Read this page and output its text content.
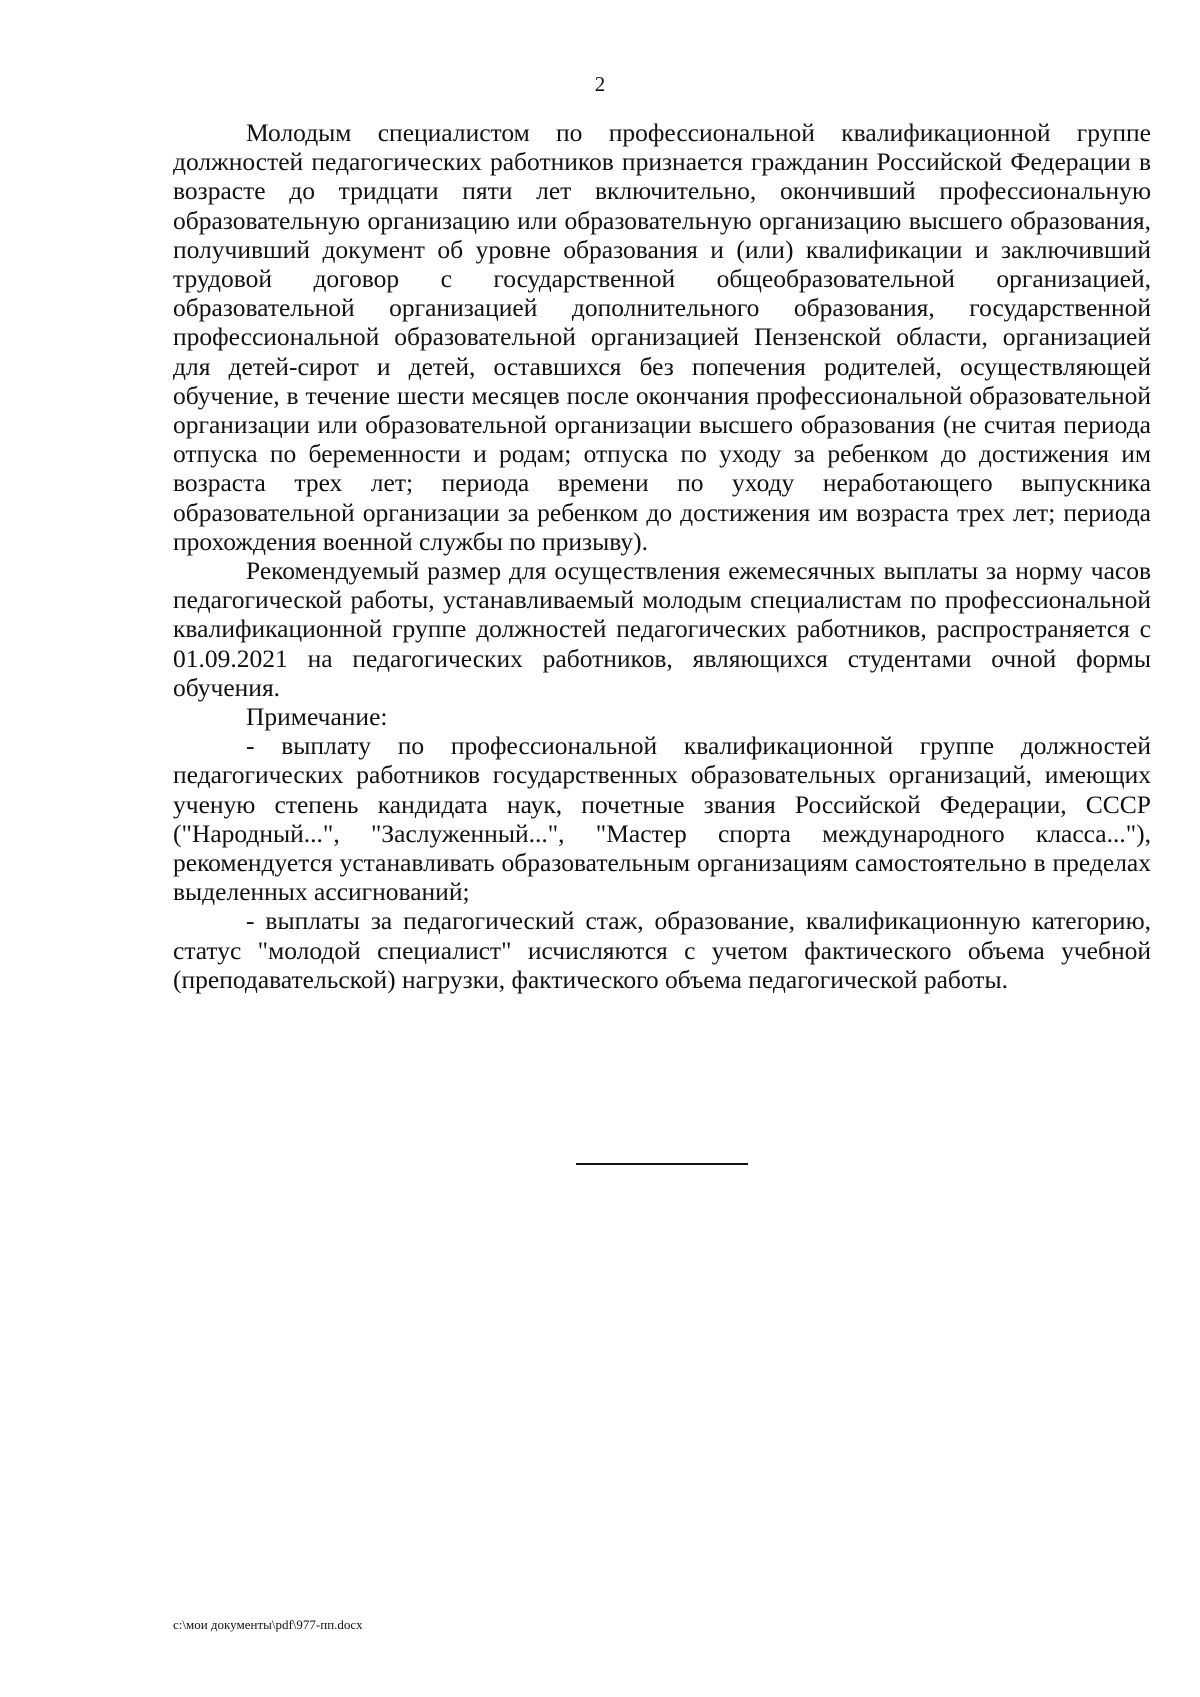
2

Молодым специалистом по профессиональной квалификационной группе должностей педагогических работников признается гражданин Российской Федерации в возрасте до тридцати пяти лет включительно, окончивший профессиональную образовательную организацию или образовательную организацию высшего образования, получивший документ об уровне образования и (или) квалификации и заключивший трудовой договор с государственной общеобразовательной организацией, образовательной организацией дополнительного образования, государственной профессиональной образовательной организацией Пензенской области, организацией для детей-сирот и детей, оставшихся без попечения родителей, осуществляющей обучение, в течение шести месяцев после окончания профессиональной образовательной организации или образовательной организации высшего образования (не считая периода отпуска по беременности и родам; отпуска по уходу за ребенком до достижения им возраста трех лет; периода времени по уходу неработающего выпускника образовательной организации за ребенком до достижения им возраста трех лет; периода прохождения военной службы по призыву).

Рекомендуемый размер для осуществления ежемесячных выплаты за норму часов педагогической работы, устанавливаемый молодым специалистам по профессиональной квалификационной группе должностей педагогических работников, распространяется с 01.09.2021 на педагогических работников, являющихся студентами очной формы обучения.

Примечание:

- выплату по профессиональной квалификационной группе должностей педагогических работников государственных образовательных организаций, имеющих ученую степень кандидата наук, почетные звания Российской Федерации, СССР ("Народный...", "Заслуженный...", "Мастер спорта международного класса..."), рекомендуется устанавливать образовательным организациям самостоятельно в пределах выделенных ассигнований;

- выплаты за педагогический стаж, образование, квалификационную категорию, статус "молодой специалист" исчисляются с учетом фактического объема учебной (преподавательской) нагрузки, фактического объема педагогической работы.

c:\мои документы\pdf\977-пп.docx
